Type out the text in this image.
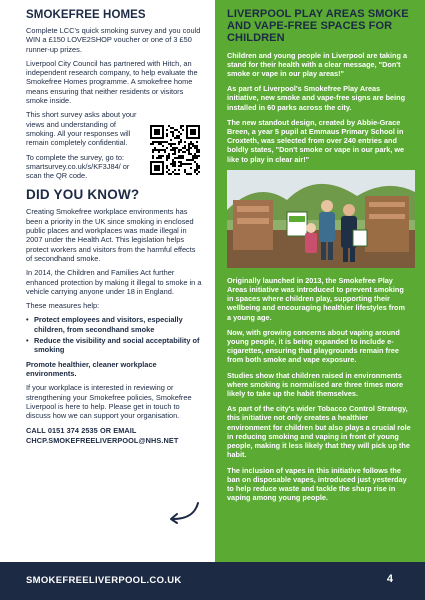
SMOKEFREE HOMES

Complete LCC's quick smoking survey and you could WIN a £150 LOVE2SHOP voucher or one of 3 £50 runner-up prizes.

Liverpool City Council has partnered with Hitch, an independent research company, to help evaluate the Smokefree Homes programme. A smokefree home means ensuring that neither residents or visitors smoke inside.

This short survey asks about your views and understanding of smoking. All your responses will remain completely confidential.

To complete the survey, go to: smartsurvey.co.uk/s/KF3J84/ or scan the QR code.

DID YOU KNOW?

Creating Smokefree workplace environments has been a priority in the UK since smoking in enclosed public places and workplaces was made illegal in 2007 under the Health Act. This legislation helps protect workers and visitors from the harmful effects of secondhand smoke.

In 2014, the Children and Families Act further enhanced protection by making it illegal to smoke in a vehicle carrying anyone under 18 in England.

These measures help:

• Protect employees and visitors, especially children, from secondhand smoke
• Reduce the visibility and social acceptability of smoking

Promote healthier, cleaner workplace environments.

If your workplace is interested in reviewing or strengthening your Smokefree policies, Smokefree Liverpool is here to help. Please get in touch to discuss how we can support your organisation.

CALL 0151 374 2535 OR EMAIL
CHCP.SMOKEFREELIVERPOOL@NHS.NET
LIVERPOOL PLAY AREAS SMOKE AND VAPE-FREE SPACES FOR CHILDREN

Children and young people in Liverpool are taking a stand for their health with a clear message, "Don't smoke or vape in our play areas!"

As part of Liverpool's Smokefree Play Areas initiative, new smoke and vape-free signs are being installed in 60 parks across the city.

The new standout design, created by Abbie-Grace Breen, a year 5 pupil at Emmaus Primary School in Croxteth, was selected from over 240 entries and boldly states, "Don't smoke or vape in our park, we like to play in clear air!"

Originally launched in 2013, the Smokefree Play Areas initiative was introduced to prevent smoking in spaces where children play, supporting their wellbeing and encouraging healthier lifestyles from a young age.

Now, with growing concerns about vaping around young people, it is being expanded to include e-cigarettes, ensuring that playgrounds remain free from both smoke and vape exposure.

Studies show that children raised in environments where smoking is normalised are three times more likely to take up the habit themselves.

As part of the city's wider Tobacco Control Strategy, this initiative not only creates a healthier environment for children but also plays a crucial role in reducing smoking and vaping in front of young people, making it less likely that they will pick up the habit.

The inclusion of vapes in this initiative follows the ban on disposable vapes, introduced just yesterday to help reduce waste and tackle the sharp rise in vaping among young people.

SMOKEFREELIVERPOOL.CO.UK	4
